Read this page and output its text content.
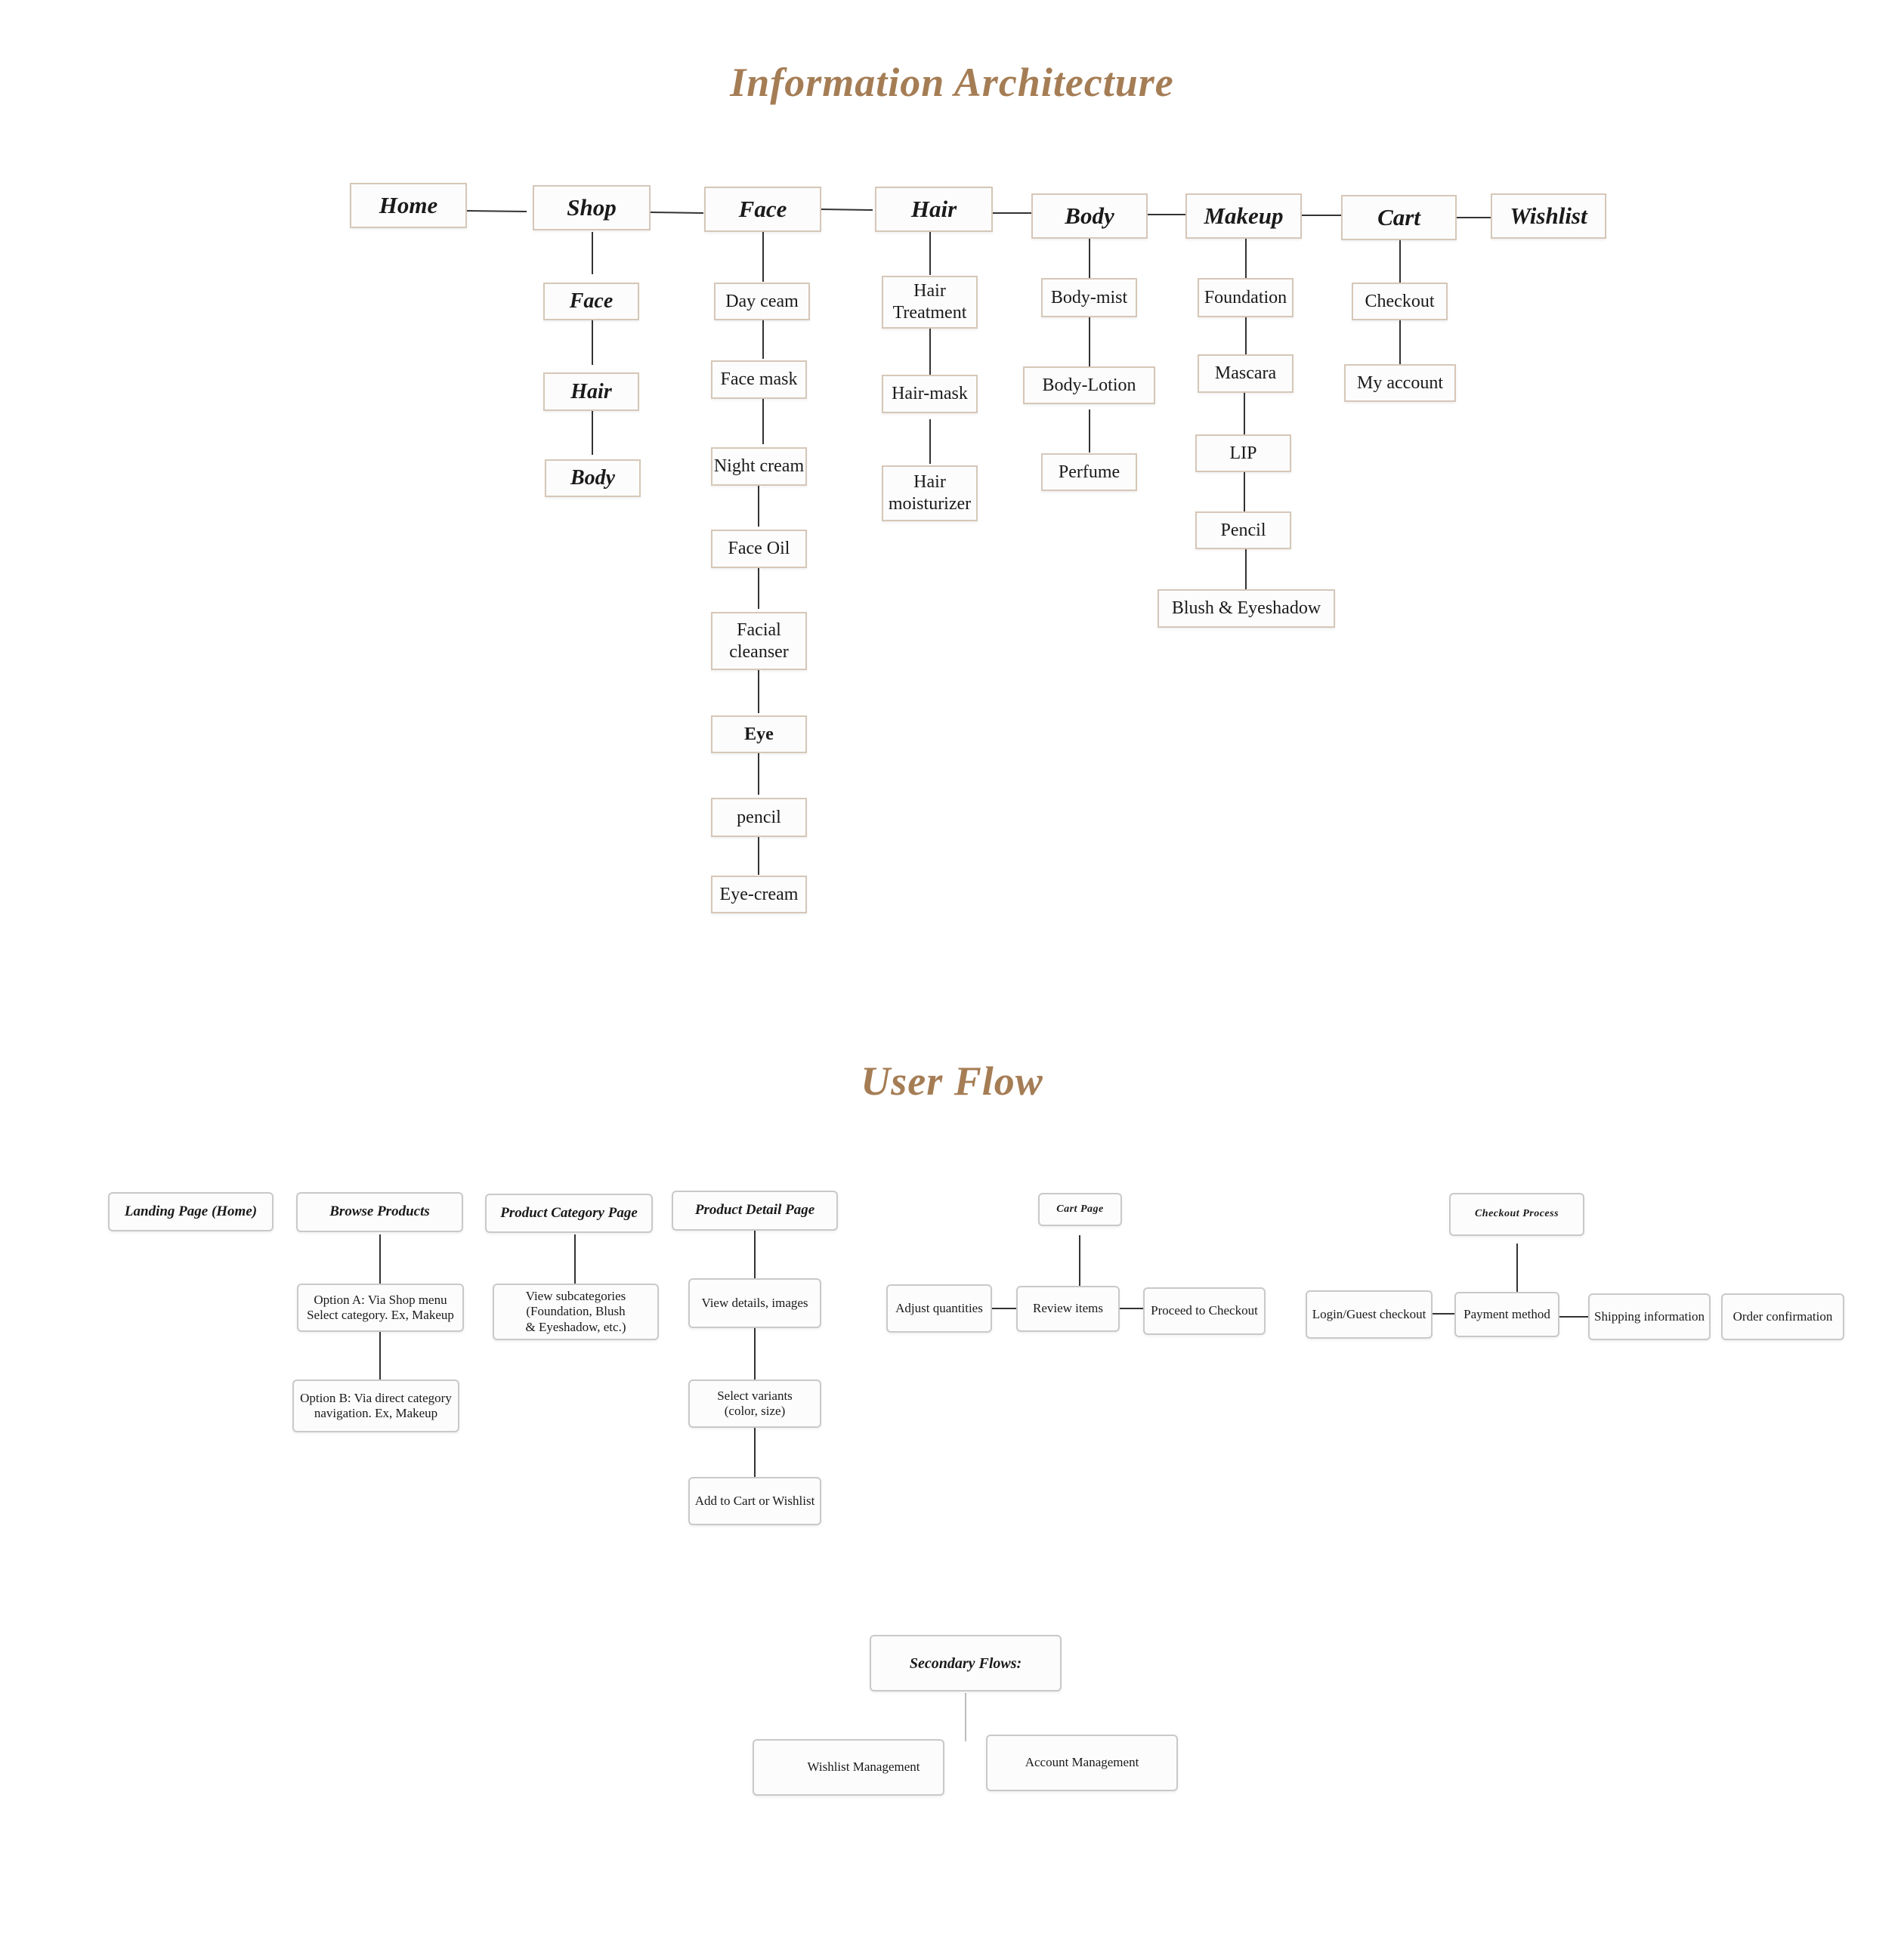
Information Architecture
User Flow
Home	Shop	Face	Hair	Body	Makeup	Cart	Wishlist
Face
Hair
Body
Day ceam
Face mask
Night cream
Face Oil
Facial
cleanser
Eye
pencil
Eye-cream
Hair
Treatment
Hair-mask
Hair
moisturizer
Body-mist
Body-Lotion
Perfume
Foundation
Mascara
LIP
Pencil
Blush & Eyeshadow
Checkout
My account
Landing Page (Home)	Browse Products
Option A: Via Shop menu
Select category. Ex, Makeup
Option B: Via direct category
navigation. Ex, Makeup
Product Category Page
View subcategories
(Foundation, Blush
& Eyeshadow, etc.)
Product Detail Page
View details, images
Select variants
(color, size)
Add to Cart or Wishlist
Cart Page
Adjust quantities	Review items	Proceed to Checkout
Checkout Process
Login/Guest checkout	Payment method	Shipping information	Order confirmation
Secondary Flows:
Wishlist Management	Account Management
